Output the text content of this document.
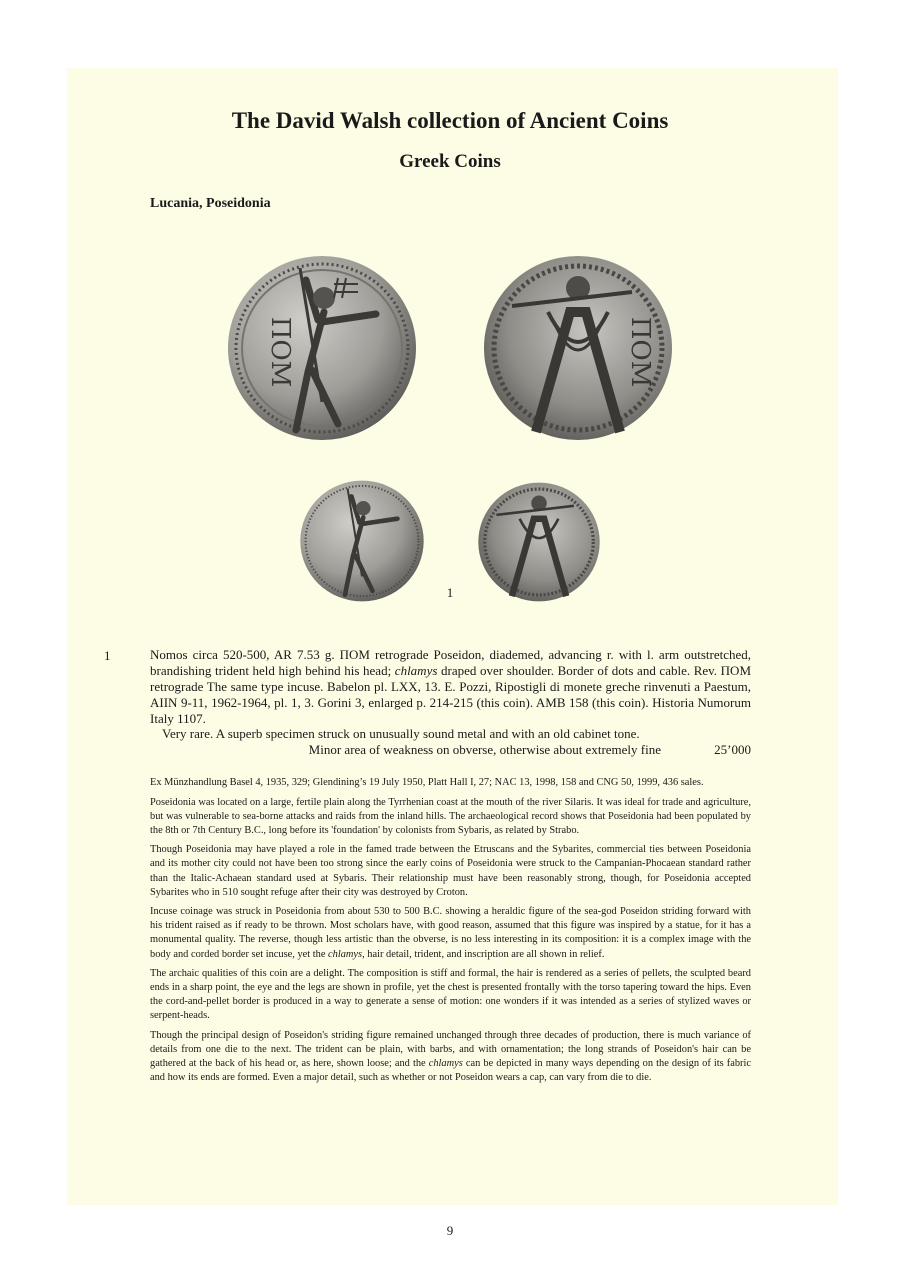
The David Walsh collection of Ancient Coins
Greek Coins
Lucania, Poseidonia
ΠΟΜ	ΠΟΜ
1
1	Nomos circa 520-500, AR 7.53 g. ΠΟΜ retrograde Poseidon, diademed, advancing r. with l. arm outstretched, brandishing trident held high behind his head; chlamys draped over shoulder. Border of dots and cable. Rev. ΠΟΜ retrograde The same type incuse. Babelon pl. LXX, 13. E. Pozzi, Ripostigli di monete greche rinvenuti a Paestum, AIIN 9-11, 1962-1964, pl. 1, 3. Gorini 3, enlarged p. 214-215 (this coin). AMB 158 (this coin). Historia Numorum Italy 1107.

Very rare. A superb specimen struck on unusually sound metal and with an old cabinet tone.
Minor area of weakness on obverse, otherwise about extremely fine	25’000

Ex Münzhandlung Basel 4, 1935, 329; Glendining’s 19 July 1950, Platt Hall I, 27; NAC 13, 1998, 158 and CNG 50, 1999, 436 sales.

Poseidonia was located on a large, fertile plain along the Tyrrhenian coast at the mouth of the river Silaris. It was ideal for trade and agriculture, but was vulnerable to sea-borne attacks and raids from the inland hills. The archaeological record shows that Poseidonia had been populated by the 8th or 7th Century B.C., long before its 'foundation' by colonists from Sybaris, as related by Strabo.

Though Poseidonia may have played a role in the famed trade between the Etruscans and the Sybarites, commercial ties between Poseidonia and its mother city could not have been too strong since the early coins of Poseidonia were struck to the Campanian-Phocaean standard rather than the Italic-Achaean standard used at Sybaris. Their relationship must have been reasonably strong, though, for Poseidonia accepted Sybarites who in 510 sought refuge after their city was destroyed by Croton.

Incuse coinage was struck in Poseidonia from about 530 to 500 B.C. showing a heraldic figure of the sea-god Poseidon striding forward with his trident raised as if ready to be thrown. Most scholars have, with good reason, assumed that this figure was inspired by a statue, for it has a monumental quality. The reverse, though less artistic than the obverse, is no less interesting in its composition: it is a complex image with the body and corded border set incuse, yet the chlamys, hair detail, trident, and inscription are all shown in relief.

The archaic qualities of this coin are a delight. The composition is stiff and formal, the hair is rendered as a series of pellets, the sculpted beard ends in a sharp point, the eye and the legs are shown in profile, yet the chest is presented frontally with the torso tapering toward the hips. Even the cord-and-pellet border is produced in a way to generate a sense of motion: one wonders if it was intended as a series of stylized waves or serpent-heads.

Though the principal design of Poseidon's striding figure remained unchanged through three decades of production, there is much variance of details from one die to the next. The trident can be plain, with barbs, and with ornamentation; the long strands of Poseidon's hair can be gathered at the back of his head or, as here, shown loose; and the chlamys can be depicted in many ways depending on the design of its fabric and how its ends are formed. Even a major detail, such as whether or not Poseidon wears a cap, can vary from die to die.

9
